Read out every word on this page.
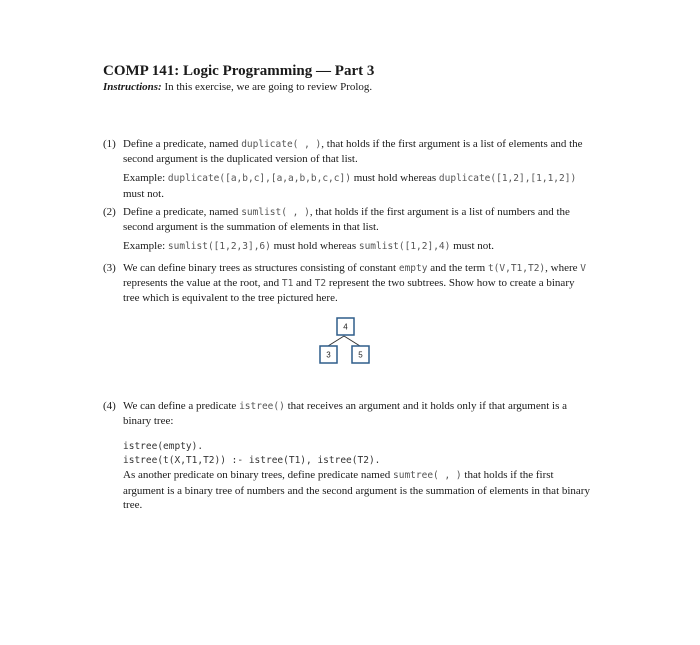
COMP 141: Logic Programming — Part 3

Instructions: In this exercise, we are going to review Prolog.

(1) Define a predicate, named duplicate( , ), that holds if the first argument is a list of elements and the second argument is the duplicated version of that list.

Example: duplicate([a,b,c],[a,a,b,b,c,c]) must hold whereas duplicate([1,2],[1,1,2]) must not.

(2) Define a predicate, named sumlist( , ), that holds if the first argument is a list of numbers and the second argument is the summation of elements in that list.

Example: sumlist([1,2,3],6) must hold whereas sumlist([1,2],4) must not.

(3) We can define binary trees as structures consisting of constant empty and the term t(V,T1,T2), where V represents the value at the root, and T1 and T2 represent the two subtrees. Show how to create a binary tree which is equivalent to the tree pictured here.

4
3	5
(4) We can define a predicate istree() that receives an argument and it holds only if that argument is a binary tree:

istree(empty).
istree(t(X,T1,T2)) :- istree(T1), istree(T2).

As another predicate on binary trees, define predicate named sumtree( , ) that holds if the first argument is a binary tree of numbers and the second argument is the summation of elements in that binary tree.
